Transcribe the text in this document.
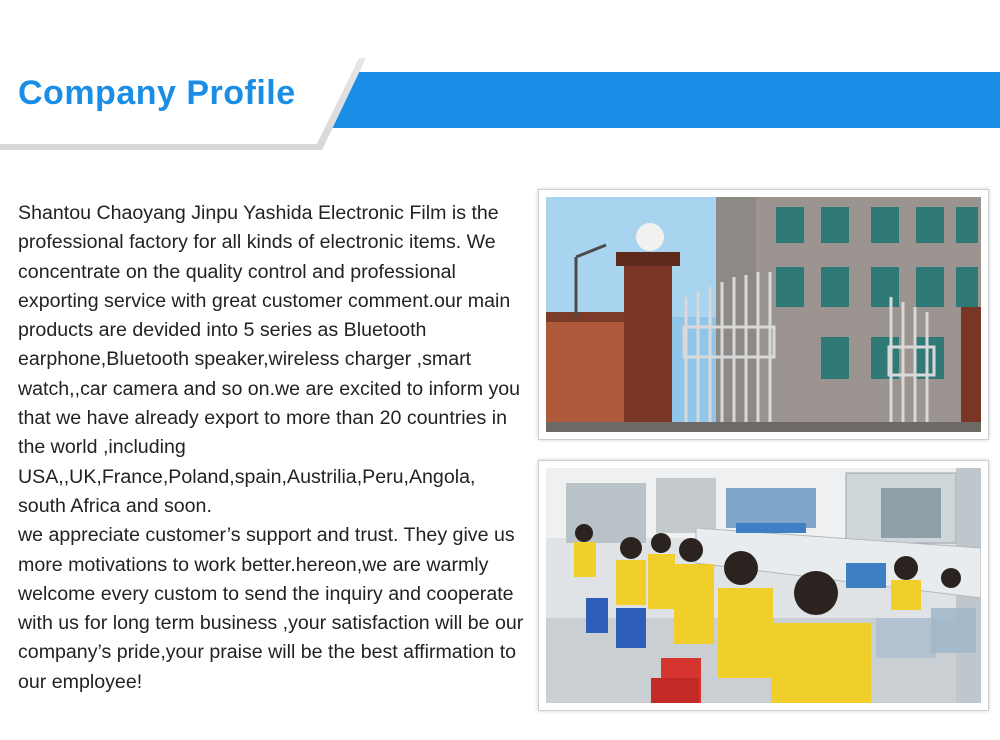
Company Profile

Shantou Chaoyang Jinpu Yashida Electronic Film is the professional factory for all kinds of electronic items. We concentrate on the quality control and professional exporting service with great customer comment.our main products are devided into 5 series as Bluetooth earphone,Bluetooth speaker,wireless charger ,smart watch,,car camera and so on.we are excited to inform you that we have already export to more than 20 countries in the world ,including USA,,UK,France,Poland,spain,Austrilia,Peru,Angola, south Africa and soon.

we appreciate customer’s support and trust. They give us more motivations to work better.hereon,we are warmly welcome every custom to send the inquiry and cooperate with us for long term business ,your satisfaction will be our company’s pride,your praise will be the best affirmation to our employee!
